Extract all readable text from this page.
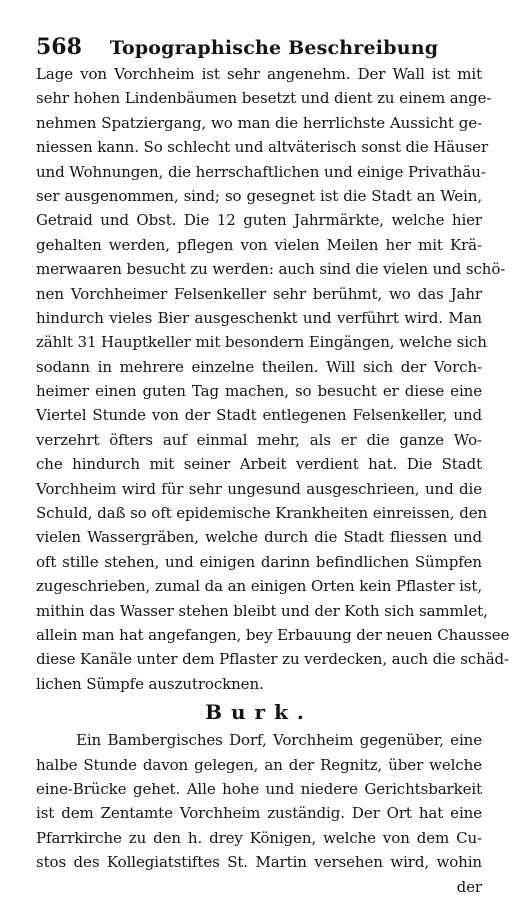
568	Topographische Beschreibung
Lage von Vorchheim ist sehr angenehm. Der Wall ist mit
sehr hohen Lindenbäumen besetzt und dient zu einem ange-
nehmen Spatziergang, wo man die herrlichste Aussicht ge-
niessen kann. So schlecht und altväterisch sonst die Häuser
und Wohnungen, die herrschaftlichen und einige Privathäu-
ser ausgenommen, sind; so gesegnet ist die Stadt an Wein,
Getraid und Obst. Die 12 guten Jahrmärkte, welche hier
gehalten werden, pflegen von vielen Meilen her mit Krä-
merwaaren besucht zu werden: auch sind die vielen und schö-
nen Vorchheimer Felsenkeller sehr berühmt, wo das Jahr
hindurch vieles Bier ausgeschenkt und verführt wird. Man
zählt 31 Hauptkeller mit besondern Eingängen, welche sich
sodann in mehrere einzelne theilen. Will sich der Vorch-
heimer einen guten Tag machen, so besucht er diese eine
Viertel Stunde von der Stadt entlegenen Felsenkeller, und
verzehrt öfters auf einmal mehr, als er die ganze Wo-
che hindurch mit seiner Arbeit verdient hat. Die Stadt
Vorchheim wird für sehr ungesund ausgeschrieen, und die
Schuld, daß so oft epidemische Krankheiten einreissen, den
vielen Wassergräben, welche durch die Stadt fliessen und
oft stille stehen, und einigen darinn befindlichen Sümpfen
zugeschrieben, zumal da an einigen Orten kein Pflaster ist,
mithin das Wasser stehen bleibt und der Koth sich sammlet,
allein man hat angefangen, bey Erbauung der neuen Chaussee
diese Kanäle unter dem Pflaster zu verdecken, auch die schäd-
lichen Sümpfe auszutrocknen.
Burk.
Ein Bambergisches Dorf, Vorchheim gegenüber, eine
halbe Stunde davon gelegen, an der Regnitz, über welche
eine-Brücke gehet. Alle hohe und niedere Gerichtsbarkeit
ist dem Zentamte Vorchheim zuständig. Der Ort hat eine
Pfarrkirche zu den h. drey Königen, welche von dem Cu-
stos des Kollegiatstiftes St. Martin versehen wird, wohin
der
